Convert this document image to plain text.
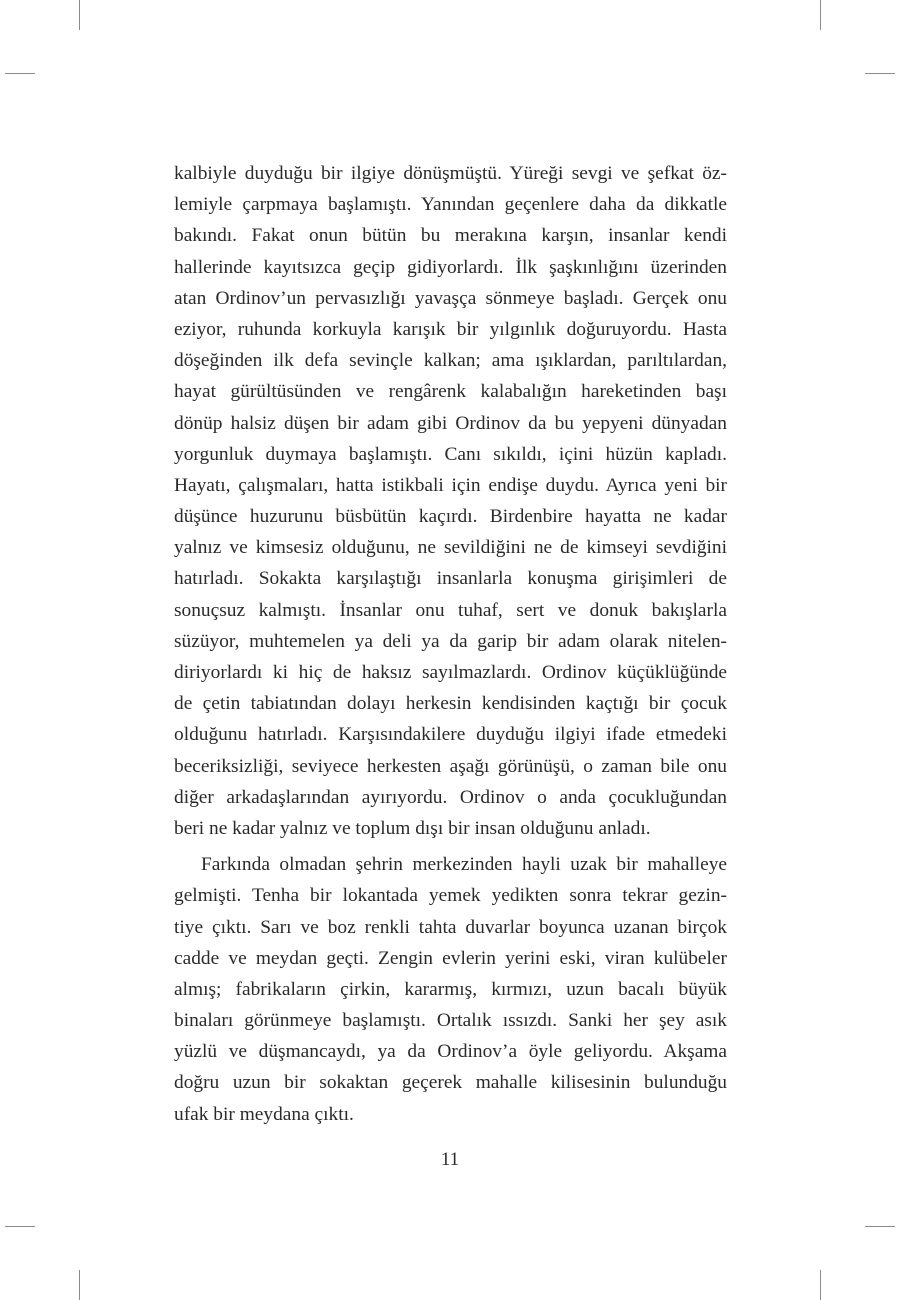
kalbiyle duyduğu bir ilgiye dönüşmüştü. Yüreği sevgi ve şefkat öz-
lemiyle çarpmaya başlamıştı. Yanından geçenlere daha da dikkatle
bakındı. Fakat onun bütün bu merakına karşın, insanlar kendi
hallerinde kayıtsızca geçip gidiyorlardı. İlk şaşkınlığını üzerinden
atan Ordinov’un pervasızlığı yavaşça sönmeye başladı. Gerçek onu
eziyor, ruhunda korkuyla karışık bir yılgınlık doğuruyordu. Hasta
döşeğinden ilk defa sevinçle kalkan; ama ışıklardan, parıltılardan,
hayat gürültüsünden ve rengârenk kalabalığın hareketinden başı
dönüp halsiz düşen bir adam gibi Ordinov da bu yepyeni dünyadan
yorgunluk duymaya başlamıştı. Canı sıkıldı, içini hüzün kapladı.
Hayatı, çalışmaları, hatta istikbali için endişe duydu. Ayrıca yeni bir
düşünce huzurunu büsbütün kaçırdı. Birdenbire hayatta ne kadar
yalnız ve kimsesiz olduğunu, ne sevildiğini ne de kimseyi sevdiğini
hatırladı. Sokakta karşılaştığı insanlarla konuşma girişimleri de
sonuçsuz kalmıştı. İnsanlar onu tuhaf, sert ve donuk bakışlarla
süzüyor, muhtemelen ya deli ya da garip bir adam olarak nitelen-
diriyorlardı ki hiç de haksız sayılmazlardı. Ordinov küçüklüğünde
de çetin tabiatından dolayı herkesin kendisinden kaçtığı bir çocuk
olduğunu hatırladı. Karşısındakilere duyduğu ilgiyi ifade etmedeki
beceriksizliği, seviyece herkesten aşağı görünüşü, o zaman bile onu
diğer arkadaşlarından ayırıyordu. Ordinov o anda çocukluğundan
beri ne kadar yalnız ve toplum dışı bir insan olduğunu anladı.
Farkında olmadan şehrin merkezinden hayli uzak bir mahalleye
gelmişti. Tenha bir lokantada yemek yedikten sonra tekrar gezin-
tiye çıktı. Sarı ve boz renkli tahta duvarlar boyunca uzanan birçok
cadde ve meydan geçti. Zengin evlerin yerini eski, viran kulübeler
almış; fabrikaların çirkin, kararmış, kırmızı, uzun bacalı büyük
binaları görünmeye başlamıştı. Ortalık ıssızdı. Sanki her şey asık
yüzlü ve düşmancaydı, ya da Ordinov’a öyle geliyordu. Akşama
doğru uzun bir sokaktan geçerek mahalle kilisesinin bulunduğu
ufak bir meydana çıktı.
11
